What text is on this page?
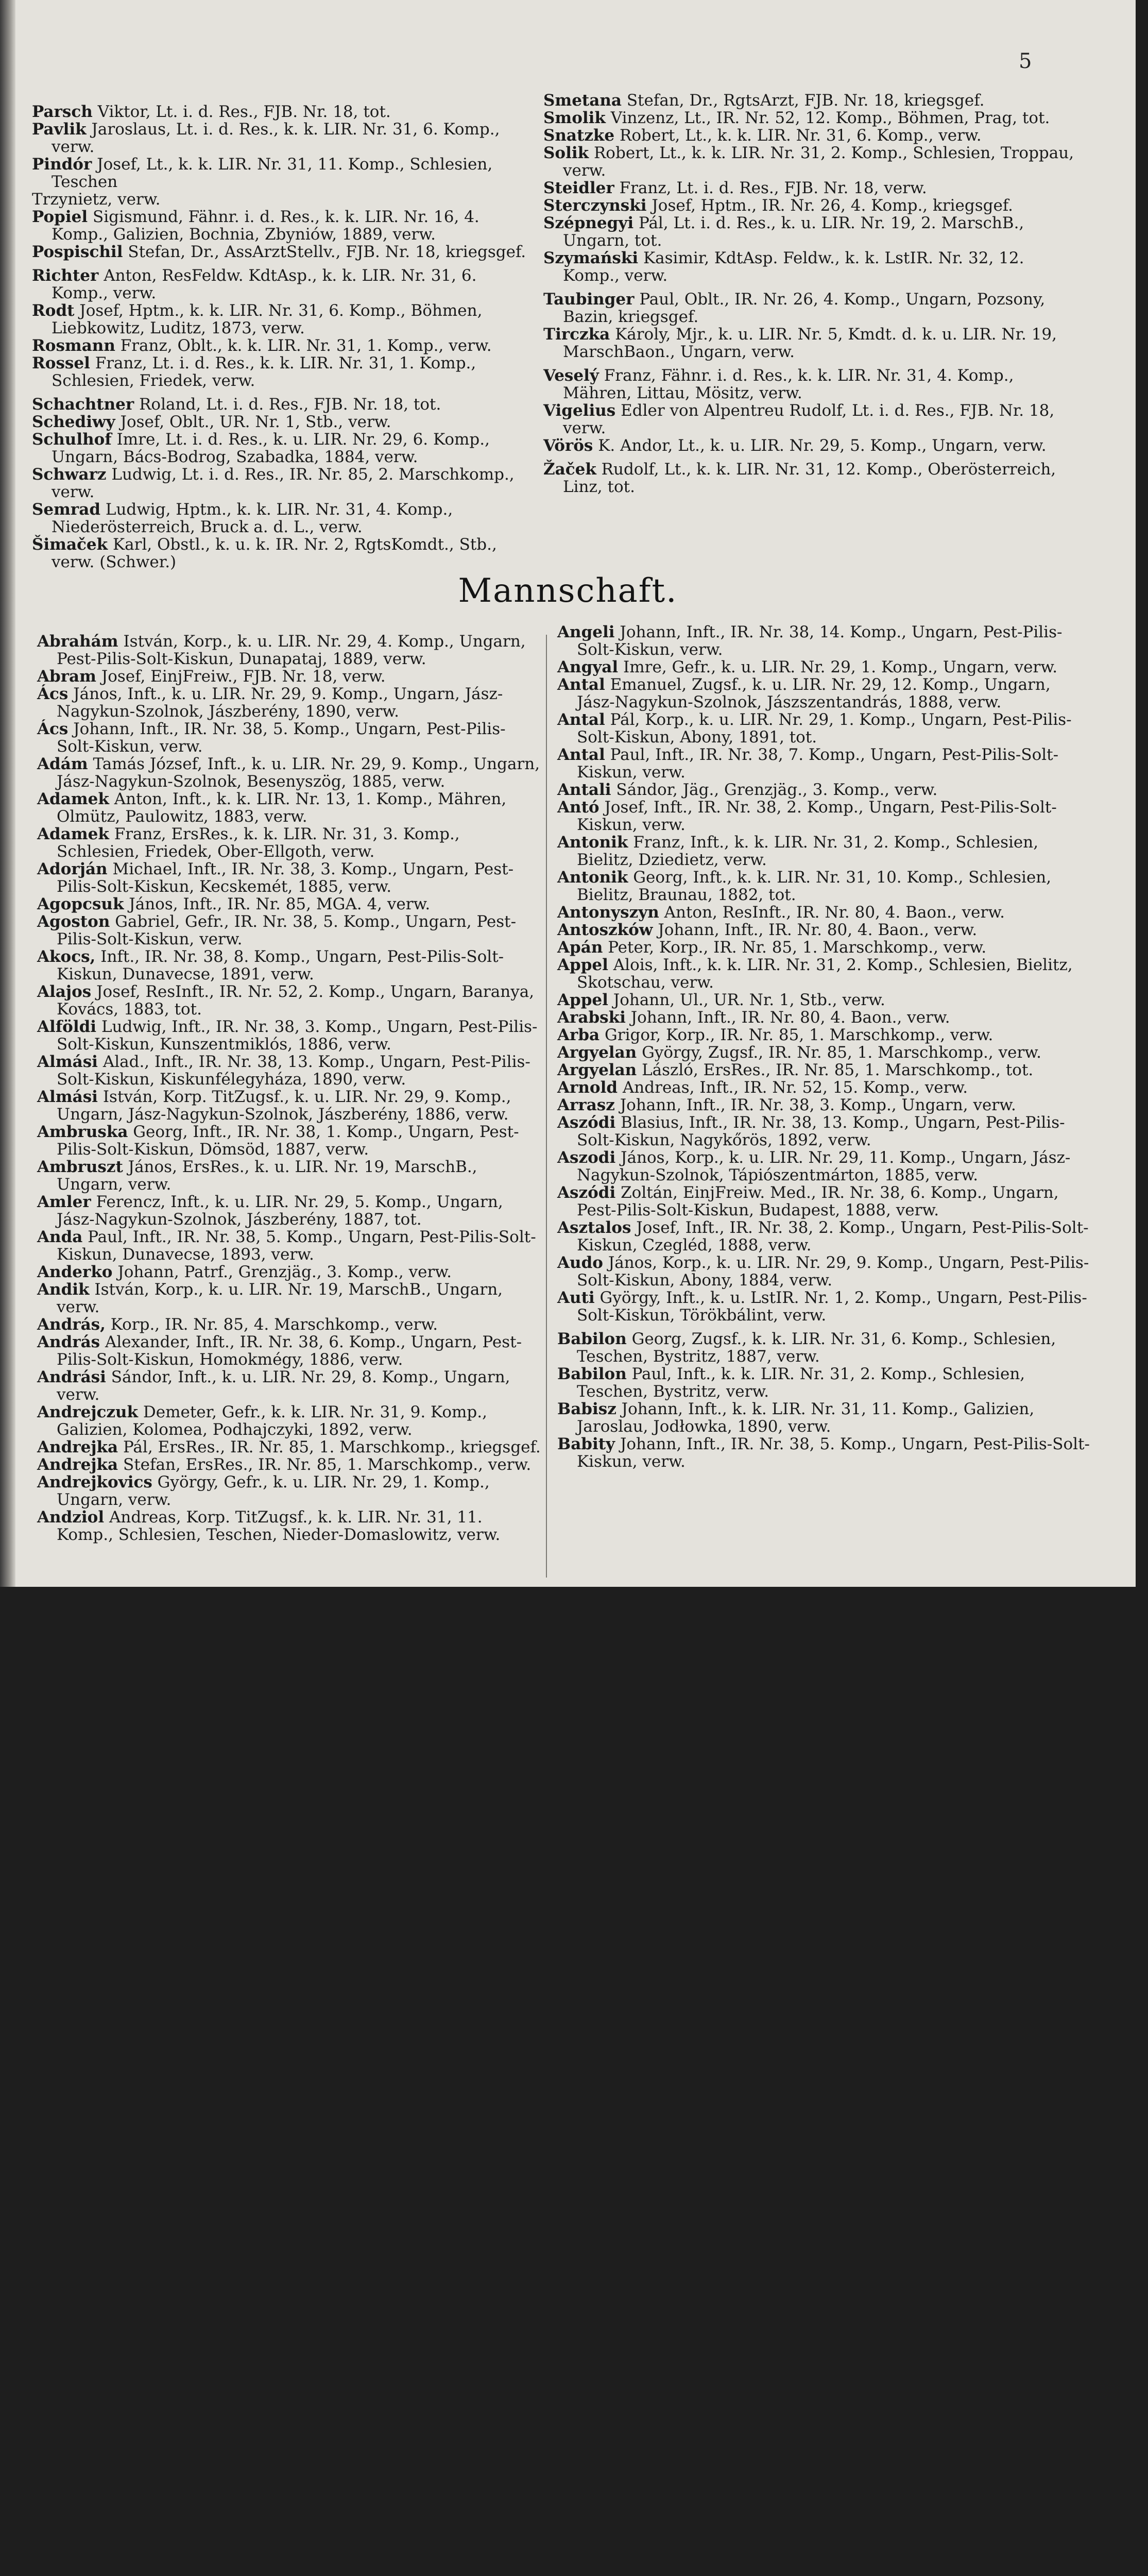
5
Parsch Viktor, Lt. i. d. Res., FJB. Nr. 18, tot.
Pavlik Jaroslaus, Lt. i. d. Res., k. k. LIR. Nr. 31, 6. Komp., verw.
Pindór Josef, Lt., k. k. LIR. Nr. 31, 11. Komp., Schlesien, Teschen
Trzynietz, verw.
Popiel Sigismund, Fähnr. i. d. Res., k. k. LIR. Nr. 16, 4. Komp., Galizien, Bochnia, Zbyniów, 1889, verw.
Pospischil Stefan, Dr., AssArztStellv., FJB. Nr. 18, kriegsgef.
Richter Anton, ResFeldw. KdtAsp., k. k. LIR. Nr. 31, 6. Komp., verw.
Rodt Josef, Hptm., k. k. LIR. Nr. 31, 6. Komp., Böhmen, Liebkowitz, Luditz, 1873, verw.
Rosmann Franz, Oblt., k. k. LIR. Nr. 31, 1. Komp., verw.
Rossel Franz, Lt. i. d. Res., k. k. LIR. Nr. 31, 1. Komp., Schlesien, Friedek, verw.
Schachtner Roland, Lt. i. d. Res., FJB. Nr. 18, tot.
Schediwy Josef, Oblt., UR. Nr. 1, Stb., verw.
Schulhof Imre, Lt. i. d. Res., k. u. LIR. Nr. 29, 6. Komp., Ungarn, Bács-Bodrog, Szabadka, 1884, verw.
Schwarz Ludwig, Lt. i. d. Res., IR. Nr. 85, 2. Marschkomp., verw.
Semrad Ludwig, Hptm., k. k. LIR. Nr. 31, 4. Komp., Niederösterreich, Bruck a. d. L., verw.
Šimaček Karl, Obstl., k. u. k. IR. Nr. 2, RgtsKomdt., Stb., verw. (Schwer.)
Smetana Stefan, Dr., RgtsArzt, FJB. Nr. 18, kriegsgef.
Smolik Vinzenz, Lt., IR. Nr. 52, 12. Komp., Böhmen, Prag, tot.
Snatzke Robert, Lt., k. k. LIR. Nr. 31, 6. Komp., verw.
Solik Robert, Lt., k. k. LIR. Nr. 31, 2. Komp., Schlesien, Troppau, verw.
Steidler Franz, Lt. i. d. Res., FJB. Nr. 18, verw.
Sterczynski Josef, Hptm., IR. Nr. 26, 4. Komp., kriegsgef.
Szépnegyi Pál, Lt. i. d. Res., k. u. LIR. Nr. 19, 2. MarschB., Ungarn, tot.
Szymański Kasimir, KdtAsp. Feldw., k. k. LstIR. Nr. 32, 12. Komp., verw.
Taubinger Paul, Oblt., IR. Nr. 26, 4. Komp., Ungarn, Pozsony, Bazin, kriegsgef.
Tirczka Károly, Mjr., k. u. LIR. Nr. 5, Kmdt. d. k. u. LIR. Nr. 19, MarschBaon., Ungarn, verw.
Veselý Franz, Fähnr. i. d. Res., k. k. LIR. Nr. 31, 4. Komp., Mähren, Littau, Mösitz, verw.
Vigelius Edler von Alpentreu Rudolf, Lt. i. d. Res., FJB. Nr. 18, verw.
Vörös K. Andor, Lt., k. u. LIR. Nr. 29, 5. Komp., Ungarn, verw.
Žaček Rudolf, Lt., k. k. LIR. Nr. 31, 12. Komp., Oberösterreich, Linz, tot.
Mannschaft.
Abrahám István, Korp., k. u. LIR. Nr. 29, 4. Komp., Ungarn, Pest-Pilis-Solt-Kiskun, Dunapataj, 1889, verw.
Abram Josef, EinjFreiw., FJB. Nr. 18, verw.
Ács János, Inft., k. u. LIR. Nr. 29, 9. Komp., Ungarn, Jász-Nagykun-Szolnok, Jászberény, 1890, verw.
Ács Johann, Inft., IR. Nr. 38, 5. Komp., Ungarn, Pest-Pilis-Solt-Kiskun, verw.
Adám Tamás József, Inft., k. u. LIR. Nr. 29, 9. Komp., Ungarn, Jász-Nagykun-Szolnok, Besenyszög, 1885, verw.
Adamek Anton, Inft., k. k. LIR. Nr. 13, 1. Komp., Mähren, Olmütz, Paulowitz, 1883, verw.
Adamek Franz, ErsRes., k. k. LIR. Nr. 31, 3. Komp., Schlesien, Friedek, Ober-Ellgoth, verw.
Adorján Michael, Inft., IR. Nr. 38, 3. Komp., Ungarn, Pest-Pilis-Solt-Kiskun, Kecskemét, 1885, verw.
Agopcsuk János, Inft., IR. Nr. 85, MGA. 4, verw.
Agoston Gabriel, Gefr., IR. Nr. 38, 5. Komp., Ungarn, Pest-Pilis-Solt-Kiskun, verw.
Akocs, Inft., IR. Nr. 38, 8. Komp., Ungarn, Pest-Pilis-Solt-Kiskun, Dunavecse, 1891, verw.
Alajos Josef, ResInft., IR. Nr. 52, 2. Komp., Ungarn, Baranya, Kovács, 1883, tot.
Alföldi Ludwig, Inft., IR. Nr. 38, 3. Komp., Ungarn, Pest-Pilis-Solt-Kiskun, Kunszentmiklós, 1886, verw.
Almási Alad., Inft., IR. Nr. 38, 13. Komp., Ungarn, Pest-Pilis-Solt-Kiskun, Kiskunfélegyháza, 1890, verw.
Almási István, Korp. TitZugsf., k. u. LIR. Nr. 29, 9. Komp., Ungarn, Jász-Nagykun-Szolnok, Jászberény, 1886, verw.
Ambruska Georg, Inft., IR. Nr. 38, 1. Komp., Ungarn, Pest-Pilis-Solt-Kiskun, Dömsöd, 1887, verw.
Ambruszt János, ErsRes., k. u. LIR. Nr. 19, MarschB., Ungarn, verw.
Amler Ferencz, Inft., k. u. LIR. Nr. 29, 5. Komp., Ungarn, Jász-Nagykun-Szolnok, Jászberény, 1887, tot.
Anda Paul, Inft., IR. Nr. 38, 5. Komp., Ungarn, Pest-Pilis-Solt-Kiskun, Dunavecse, 1893, verw.
Anderko Johann, Patrf., Grenzjäg., 3. Komp., verw.
Andik István, Korp., k. u. LIR. Nr. 19, MarschB., Ungarn, verw.
András, Korp., IR. Nr. 85, 4. Marschkomp., verw.
András Alexander, Inft., IR. Nr. 38, 6. Komp., Ungarn, Pest-Pilis-Solt-Kiskun, Homokmégy, 1886, verw.
Andrási Sándor, Inft., k. u. LIR. Nr. 29, 8. Komp., Ungarn, verw.
Andrejczuk Demeter, Gefr., k. k. LIR. Nr. 31, 9. Komp., Galizien, Kolomea, Podhajczyki, 1892, verw.
Andrejka Pál, ErsRes., IR. Nr. 85, 1. Marschkomp., kriegsgef.
Andrejka Stefan, ErsRes., IR. Nr. 85, 1. Marschkomp., verw.
Andrejkovics György, Gefr., k. u. LIR. Nr. 29, 1. Komp., Ungarn, verw.
Andziol Andreas, Korp. TitZugsf., k. k. LIR. Nr. 31, 11. Komp., Schlesien, Teschen, Nieder-Domaslowitz, verw.
Angeli Johann, Inft., IR. Nr. 38, 14. Komp., Ungarn, Pest-Pilis-Solt-Kiskun, verw.
Angyal Imre, Gefr., k. u. LIR. Nr. 29, 1. Komp., Ungarn, verw.
Antal Emanuel, Zugsf., k. u. LIR. Nr. 29, 12. Komp., Ungarn, Jász-Nagykun-Szolnok, Jászszentandrás, 1888, verw.
Antal Pál, Korp., k. u. LIR. Nr. 29, 1. Komp., Ungarn, Pest-Pilis-Solt-Kiskun, Abony, 1891, tot.
Antal Paul, Inft., IR. Nr. 38, 7. Komp., Ungarn, Pest-Pilis-Solt-Kiskun, verw.
Antali Sándor, Jäg., Grenzjäg., 3. Komp., verw.
Antó Josef, Inft., IR. Nr. 38, 2. Komp., Ungarn, Pest-Pilis-Solt-Kiskun, verw.
Antonik Franz, Inft., k. k. LIR. Nr. 31, 2. Komp., Schlesien, Bielitz, Dziedietz, verw.
Antonik Georg, Inft., k. k. LIR. Nr. 31, 10. Komp., Schlesien, Bielitz, Braunau, 1882, tot.
Antonyszyn Anton, ResInft., IR. Nr. 80, 4. Baon., verw.
Antoszków Johann, Inft., IR. Nr. 80, 4. Baon., verw.
Apán Peter, Korp., IR. Nr. 85, 1. Marschkomp., verw.
Appel Alois, Inft., k. k. LIR. Nr. 31, 2. Komp., Schlesien, Bielitz, Skotschau, verw.
Appel Johann, Ul., UR. Nr. 1, Stb., verw.
Arabski Johann, Inft., IR. Nr. 80, 4. Baon., verw.
Arba Grigor, Korp., IR. Nr. 85, 1. Marschkomp., verw.
Argyelan György, Zugsf., IR. Nr. 85, 1. Marschkomp., verw.
Argyelan László, ErsRes., IR. Nr. 85, 1. Marschkomp., tot.
Arnold Andreas, Inft., IR. Nr. 52, 15. Komp., verw.
Arrasz Johann, Inft., IR. Nr. 38, 3. Komp., Ungarn, verw.
Aszódi Blasius, Inft., IR. Nr. 38, 13. Komp., Ungarn, Pest-Pilis-Solt-Kiskun, Nagykőrös, 1892, verw.
Aszodi János, Korp., k. u. LIR. Nr. 29, 11. Komp., Ungarn, Jász-Nagykun-Szolnok, Tápiószentmárton, 1885, verw.
Aszódi Zoltán, EinjFreiw. Med., IR. Nr. 38, 6. Komp., Ungarn, Pest-Pilis-Solt-Kiskun, Budapest, 1888, verw.
Asztalos Josef, Inft., IR. Nr. 38, 2. Komp., Ungarn, Pest-Pilis-Solt-Kiskun, Czegléd, 1888, verw.
Audo János, Korp., k. u. LIR. Nr. 29, 9. Komp., Ungarn, Pest-Pilis-Solt-Kiskun, Abony, 1884, verw.
Auti György, Inft., k. u. LstIR. Nr. 1, 2. Komp., Ungarn, Pest-Pilis-Solt-Kiskun, Törökbálint, verw.
Babilon Georg, Zugsf., k. k. LIR. Nr. 31, 6. Komp., Schlesien, Teschen, Bystritz, 1887, verw.
Babilon Paul, Inft., k. k. LIR. Nr. 31, 2. Komp., Schlesien, Teschen, Bystritz, verw.
Babisz Johann, Inft., k. k. LIR. Nr. 31, 11. Komp., Galizien, Jaroslau, Jodłowka, 1890, verw.
Babity Johann, Inft., IR. Nr. 38, 5. Komp., Ungarn, Pest-Pilis-Solt-Kiskun, verw.
